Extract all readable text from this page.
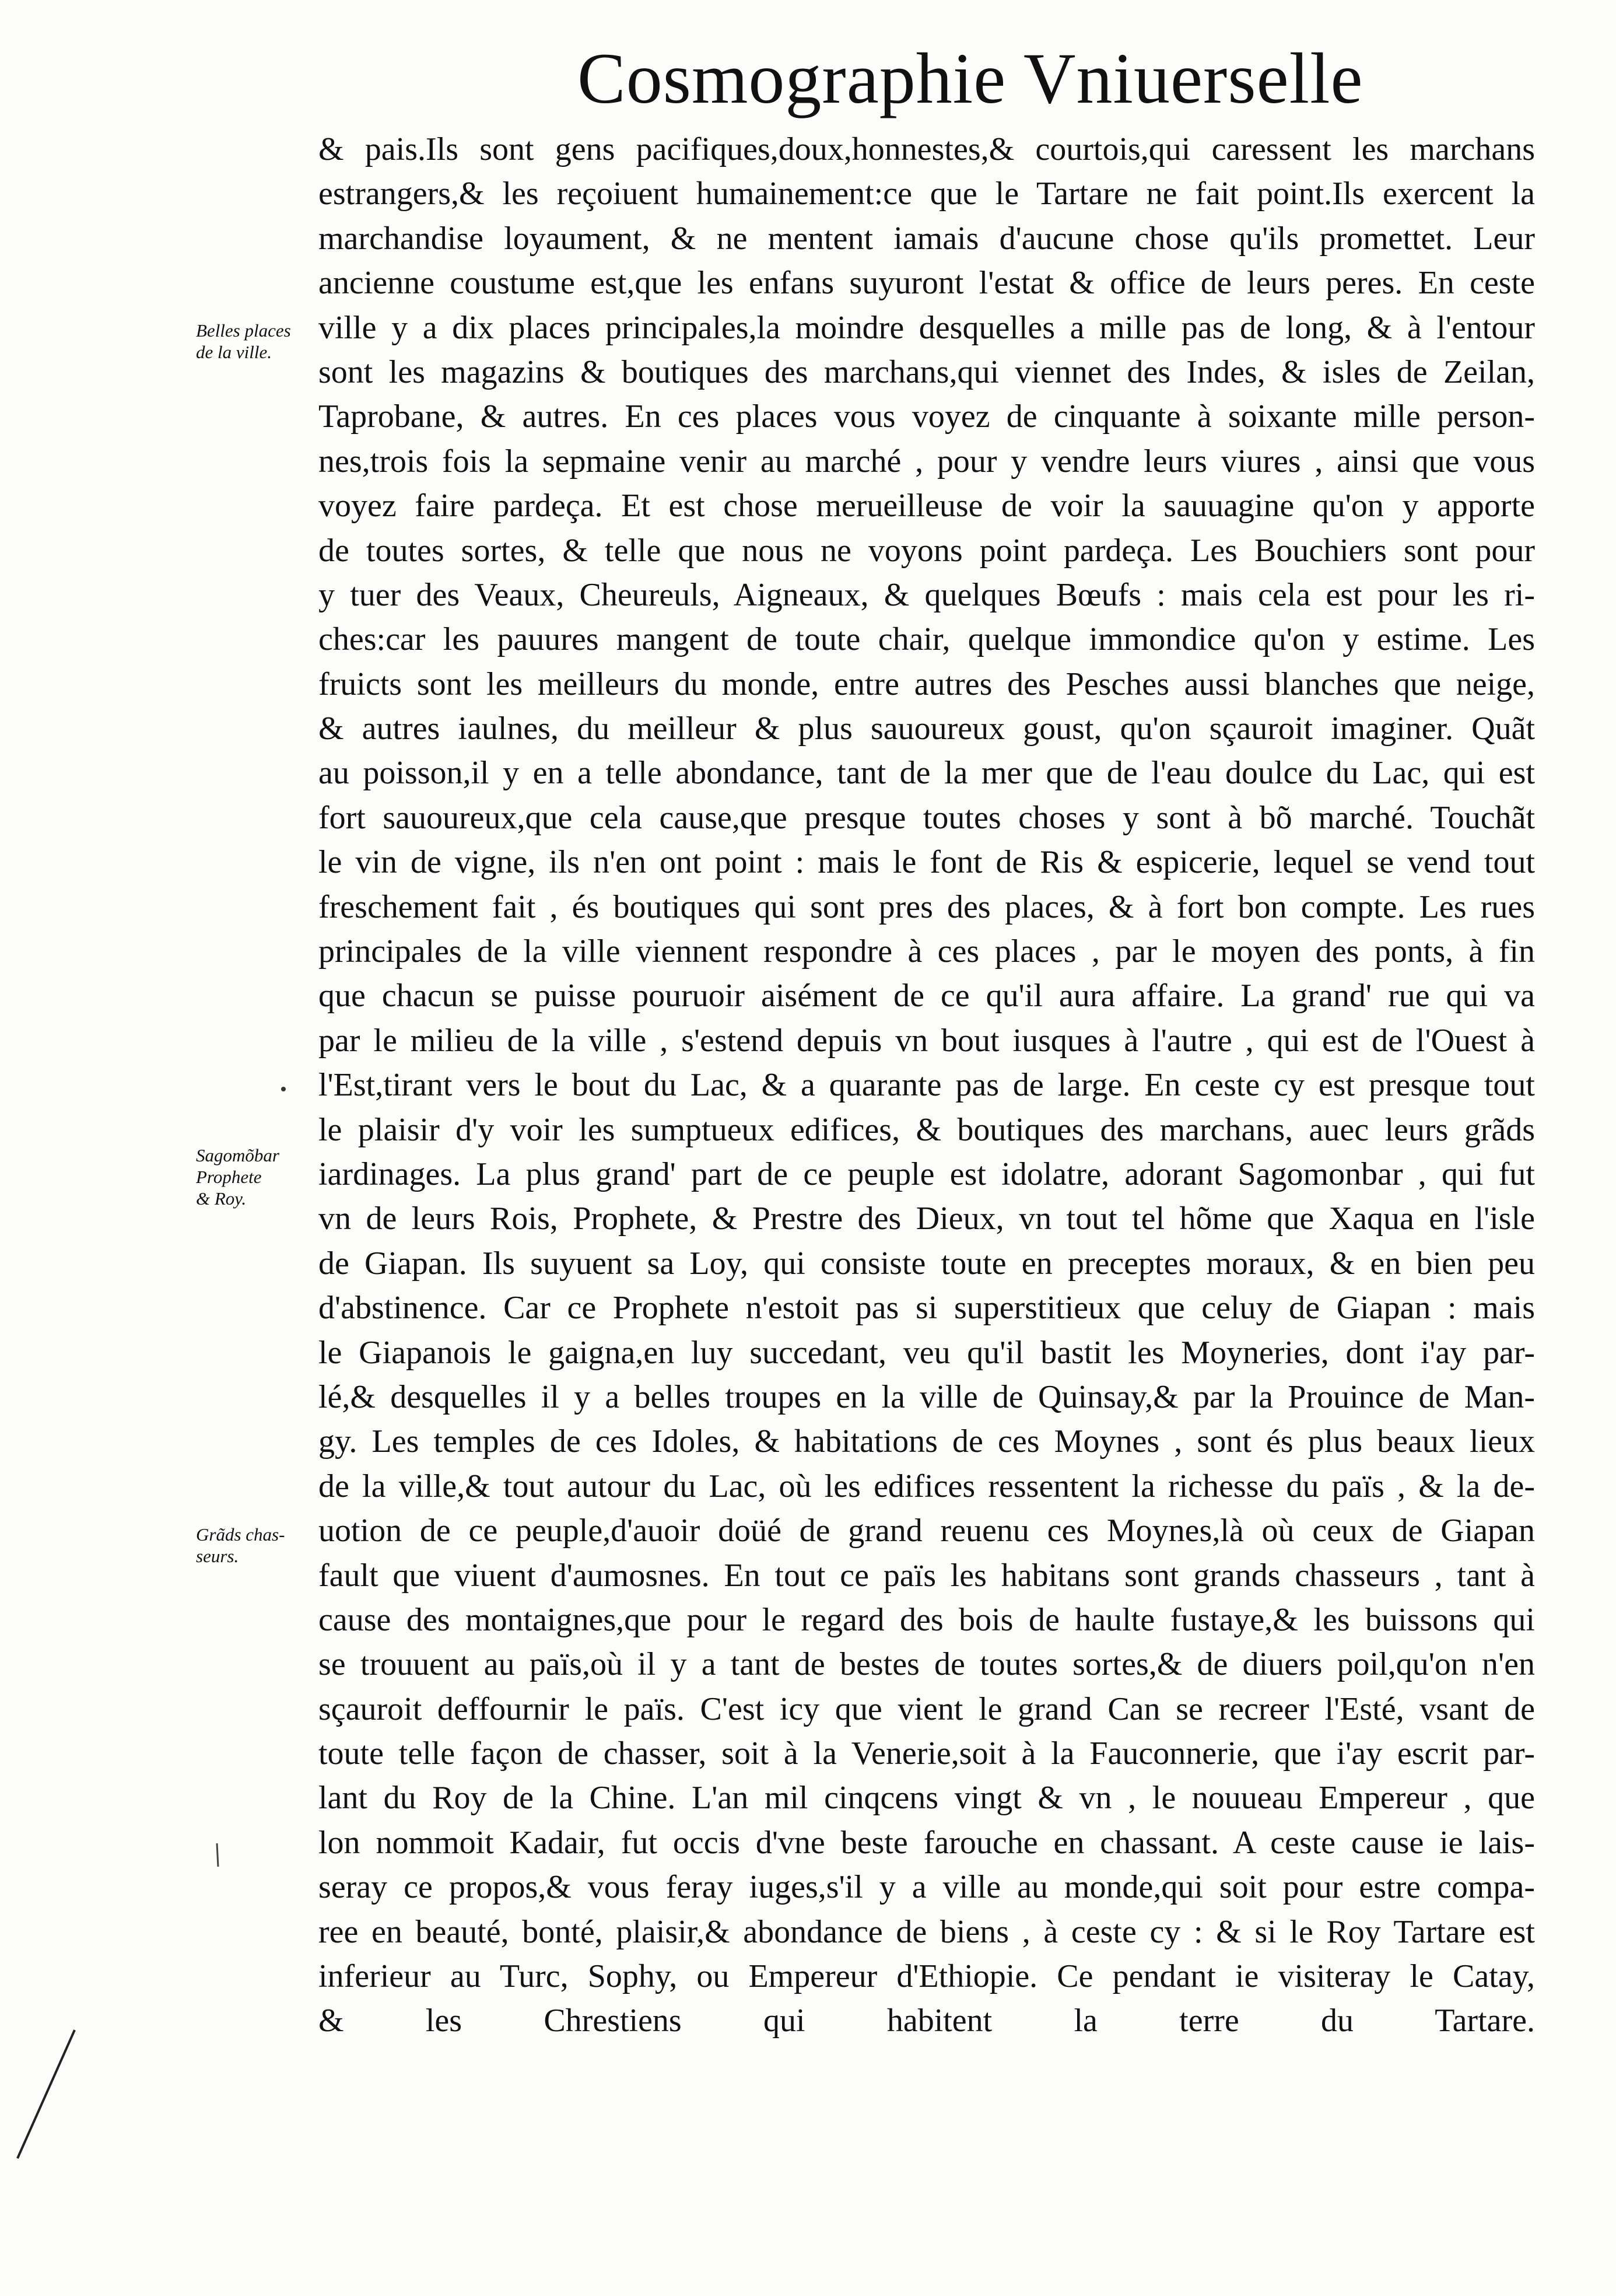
Cosmographie Vniuerselle
& pais.Ils sont gens pacifiques,doux,honnestes,& courtois,qui caressent les marchans
estrangers,& les reçoiuent humainement:ce que le Tartare ne fait point.Ils exercent la
marchandise loyaument, & ne mentent iamais d'aucune chose qu'ils promettet. Leur
ancienne coustume est,que les enfans suyuront l'estat & office de leurs peres. En ceste
ville y a dix places principales,la moindre desquelles a mille pas de long, & à l'entour
sont les magazins & boutiques des marchans,qui viennet des Indes, & isles de Zeilan,
Taprobane, & autres. En ces places vous voyez de cinquante à soixante mille person-
nes,trois fois la sepmaine venir au marché , pour y vendre leurs viures , ainsi que vous
voyez faire pardeça. Et est chose merueilleuse de voir la sauuagine qu'on y apporte
de toutes sortes, & telle que nous ne voyons point pardeça. Les Bouchiers sont pour
y tuer des Veaux, Cheureuls, Aigneaux, & quelques Bœufs : mais cela est pour les ri-
ches:car les pauures mangent de toute chair, quelque immondice qu'on y estime. Les
fruicts sont les meilleurs du monde, entre autres des Pesches aussi blanches que neige,
& autres iaulnes, du meilleur & plus sauoureux goust, qu'on sçauroit imaginer. Quãt
au poisson,il y en a telle abondance, tant de la mer que de l'eau doulce du Lac, qui est
fort sauoureux,que cela cause,que presque toutes choses y sont à bõ marché. Touchãt
le vin de vigne, ils n'en ont point : mais le font de Ris & espicerie, lequel se vend tout
freschement fait , és boutiques qui sont pres des places, & à fort bon compte. Les rues
principales de la ville viennent respondre à ces places , par le moyen des ponts, à fin
que chacun se puisse pouruoir aisément de ce qu'il aura affaire. La grand' rue qui va
par le milieu de la ville , s'estend depuis vn bout iusques à l'autre , qui est de l'Ouest à
l'Est,tirant vers le bout du Lac, & a quarante pas de large. En ceste cy est presque tout
le plaisir d'y voir les sumptueux edifices, & boutiques des marchans, auec leurs grãds
iardinages. La plus grand' part de ce peuple est idolatre, adorant Sagomonbar , qui fut
vn de leurs Rois, Prophete, & Prestre des Dieux, vn tout tel hõme que Xaqua en l'isle
de Giapan. Ils suyuent sa Loy, qui consiste toute en preceptes moraux, & en bien peu
d'abstinence. Car ce Prophete n'estoit pas si superstitieux que celuy de Giapan : mais
le Giapanois le gaigna,en luy succedant, veu qu'il bastit les Moyneries, dont i'ay par-
lé,& desquelles il y a belles troupes en la ville de Quinsay,& par la Prouince de Man-
gy. Les temples de ces Idoles, & habitations de ces Moynes , sont és plus beaux lieux
de la ville,& tout autour du Lac, où les edifices ressentent la richesse du païs , & la de-
uotion de ce peuple,d'auoir doüé de grand reuenu ces Moynes,là où ceux de Giapan
fault que viuent d'aumosnes. En tout ce païs les habitans sont grands chasseurs , tant à
cause des montaignes,que pour le regard des bois de haulte fustaye,& les buissons qui
se trouuent au païs,où il y a tant de bestes de toutes sortes,& de diuers poil,qu'on n'en
sçauroit deffournir le païs. C'est icy que vient le grand Can se recreer l'Esté, vsant de
toute telle façon de chasser, soit à la Venerie,soit à la Fauconnerie, que i'ay escrit par-
lant du Roy de la Chine. L'an mil cinqcens vingt & vn , le nouueau Empereur , que
lon nommoit Kadair, fut occis d'vne beste farouche en chassant. A ceste cause ie lais-
seray ce propos,& vous feray iuges,s'il y a ville au monde,qui soit pour estre compa-
ree en beauté, bonté, plaisir,& abondance de biens , à ceste cy : & si le Roy Tartare est
inferieur au Turc, Sophy, ou Empereur d'Ethiopie. Ce pendant ie visiteray le Catay,
& les Chrestiens qui habitent la terre du Tartare.
Belles places
de la ville.
Sagomõbar
Prophete
& Roy.
Grãds chas-
seurs.
